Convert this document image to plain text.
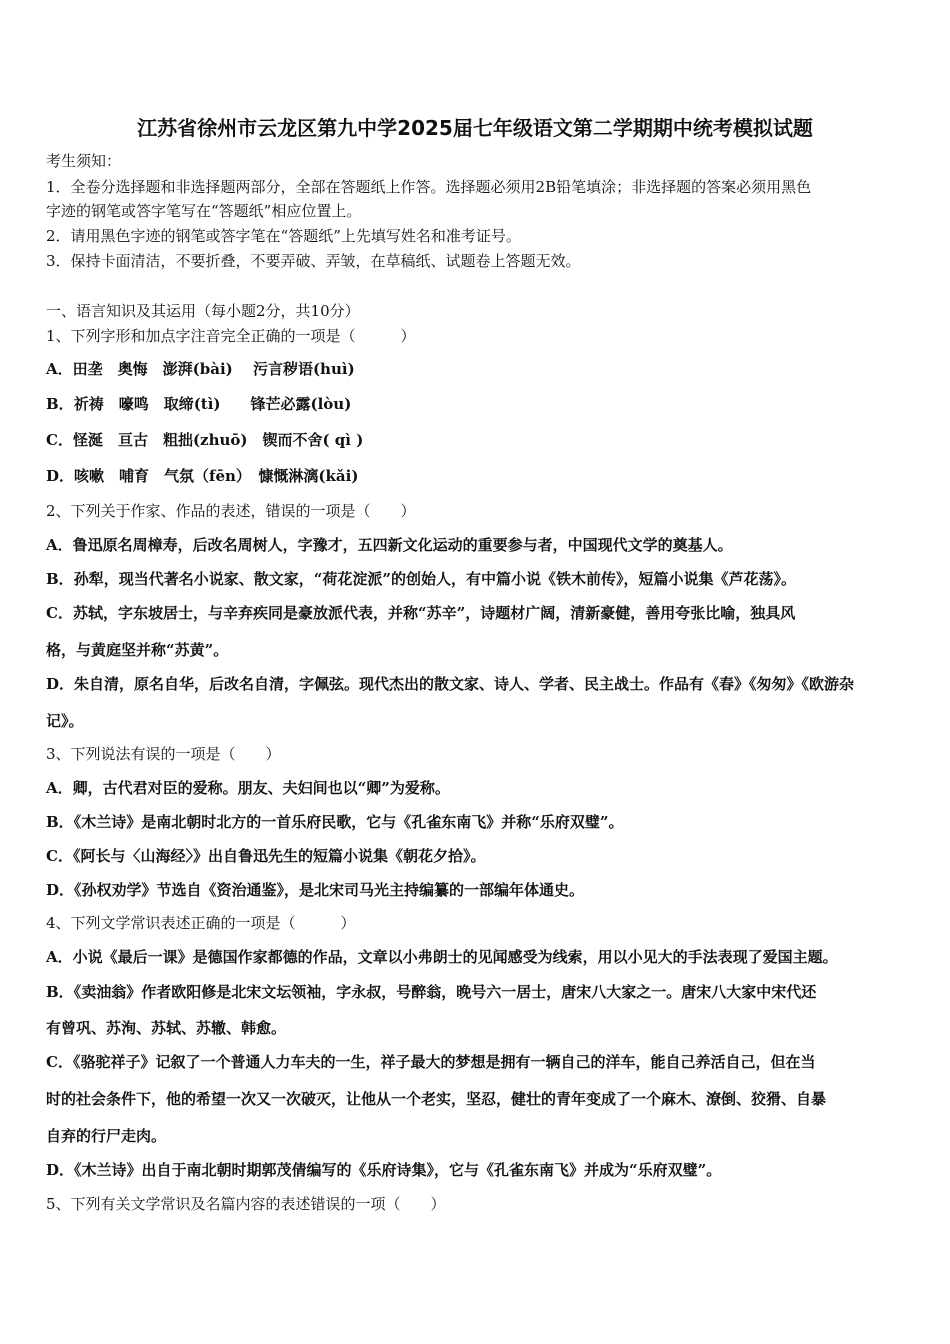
江苏省徐州市云龙区第九中学2025届七年级语文第二学期期中统考模拟试题
考生须知：
1．全卷分选择题和非选择题两部分，全部在答题纸上作答。选择题必须用2B铅笔填涂；非选择题的答案必须用黑色
字迹的钢笔或答字笔写在“答题纸”相应位置上。
2．请用黑色字迹的钢笔或答字笔在“答题纸”上先填写姓名和准考证号。
3．保持卡面清洁，不要折叠，不要弄破、弄皱，在草稿纸、试题卷上答题无效。
一、语言知识及其运用（每小题2分，共10分）
1、下列字形和加点字注音完全正确的一项是（　　　）
A．田垄　奥悔　澎湃(bài)　 污言秽语(huì)
B．祈祷　嚎鸣　取缔(tì)　　锋芒必露(lòu)
C．怪涎　亘古　粗拙(zhuō)　锲而不舍( qì )
D．咳嗽　哺育　气氛（fēn）　慷慨淋漓(kǎi)
2、下列关于作家、作品的表述，错误的一项是（　　）
A．鲁迅原名周樟寿，后改名周树人，字豫才，五四新文化运动的重要参与者，中国现代文学的奠基人。
B．孙犁，现当代著名小说家、散文家，“荷花淀派”的创始人，有中篇小说《铁木前传》，短篇小说集《芦花荡》。
C．苏轼，字东坡居士，与辛弃疾同是豪放派代表，并称“苏辛”，诗题材广阔，清新豪健，善用夸张比喻，独具风
格，与黄庭坚并称“苏黄”。
D．朱自清，原名自华，后改名自清，字佩弦。现代杰出的散文家、诗人、学者、民主战士。作品有《春》《匆匆》《欧游杂
记》。
3、下列说法有误的一项是（　　）
A．卿，古代君对臣的爱称。朋友、夫妇间也以“卿”为爱称。
B．《木兰诗》是南北朝时北方的一首乐府民歌，它与《孔雀东南飞》并称“乐府双璧”。
C．《阿长与〈山海经〉》出自鲁迅先生的短篇小说集《朝花夕拾》。
D．《孙权劝学》节选自《资治通鉴》，是北宋司马光主持编纂的一部编年体通史。
4、下列文学常识表述正确的一项是（　　　）
A．小说《最后一课》是德国作家都德的作品，文章以小弗朗士的见闻感受为线索，用以小见大的手法表现了爱国主题。
B．《卖油翁》作者欧阳修是北宋文坛领袖，字永叔，号醉翁，晚号六一居士，唐宋八大家之一。唐宋八大家中宋代还
有曾巩、苏洵、苏轼、苏辙、韩愈。
C．《骆驼祥子》记叙了一个普通人力车夫的一生，祥子最大的梦想是拥有一辆自己的洋车，能自己养活自己，但在当
时的社会条件下，他的希望一次又一次破灭，让他从一个老实，坚忍，健壮的青年变成了一个麻木、潦倒、狡猾、自暴
自弃的行尸走肉。
D．《木兰诗》出自于南北朝时期郭茂倩编写的《乐府诗集》，它与《孔雀东南飞》并成为“乐府双璧”。
5、下列有关文学常识及名篇内容的表述错误的一项（　　）
